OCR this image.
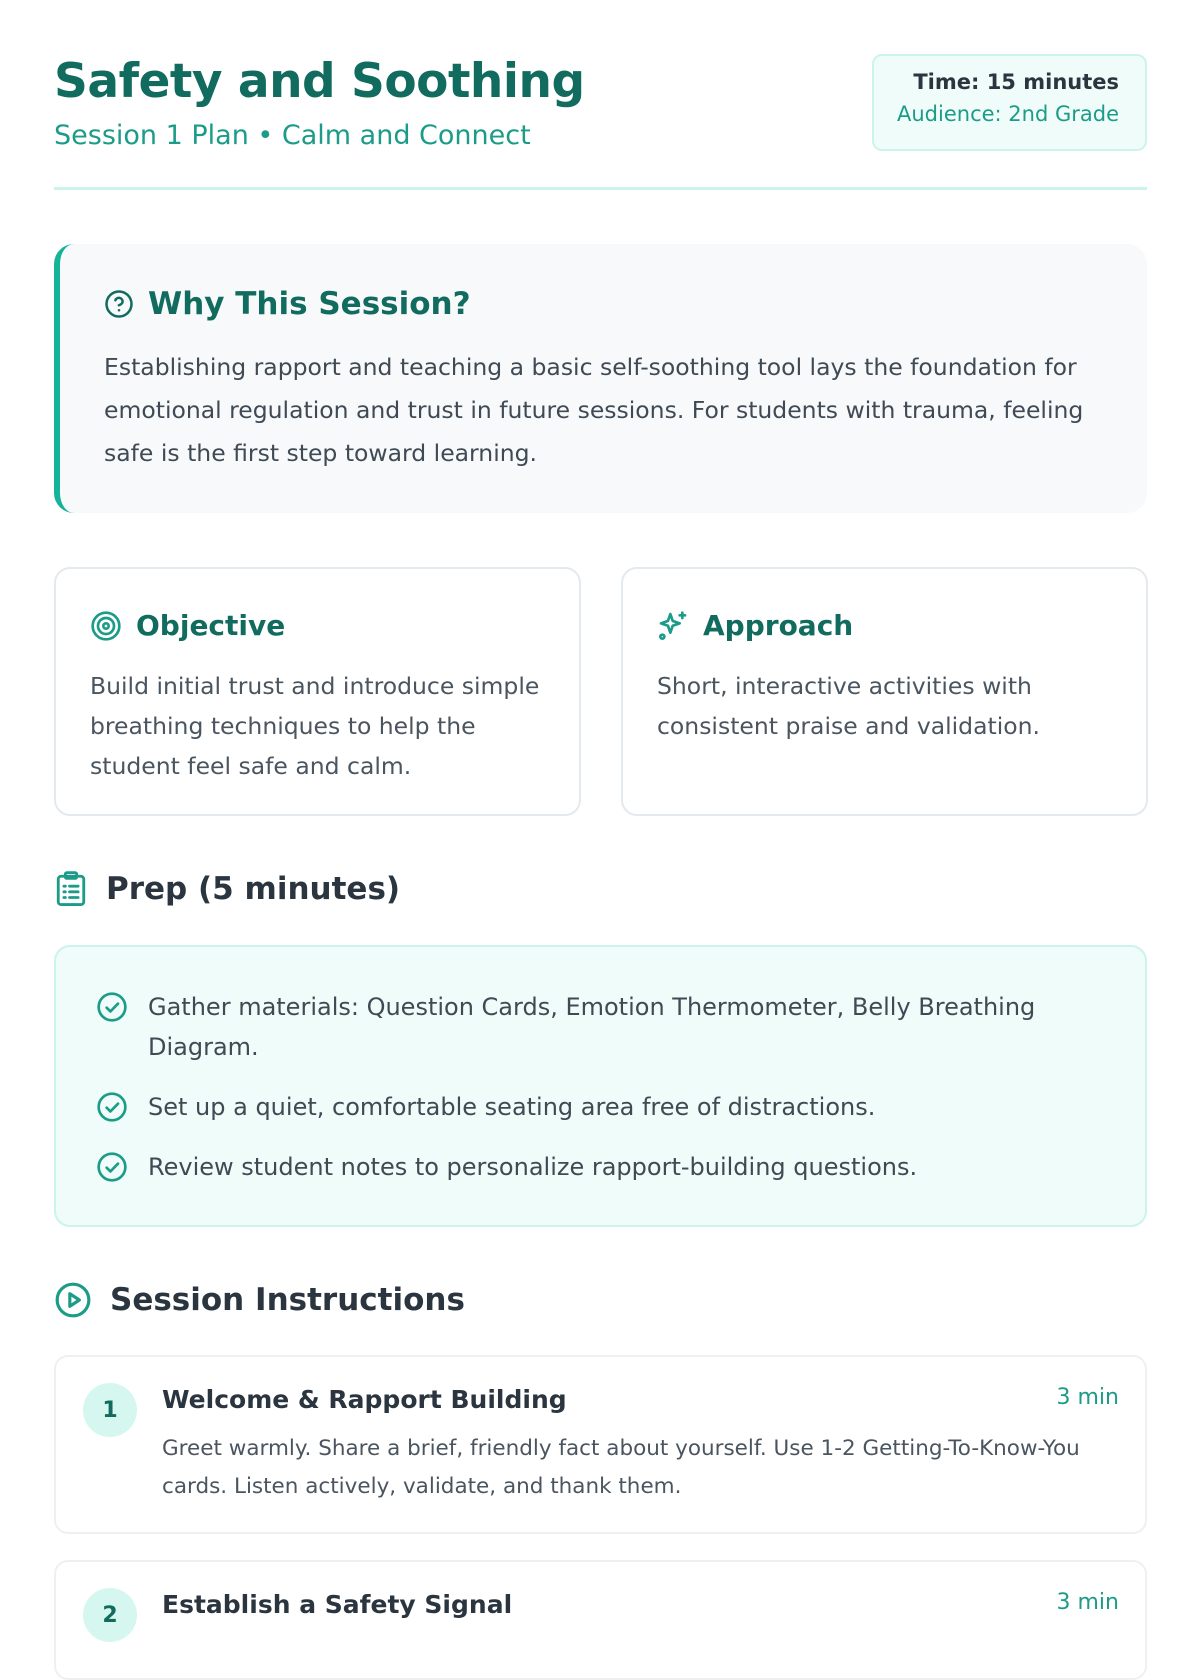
Safety and Soothing
Session 1 Plan • Calm and Connect
Time: 15 minutes
Audience: 2nd Grade
Why This Session?
Establishing rapport and teaching a basic self-soothing tool lays the foundation for emotional regulation and trust in future sessions. For students with trauma, feeling safe is the first step toward learning.
Objective
Build initial trust and introduce simple breathing techniques to help the student feel safe and calm.
Approach
Short, interactive activities with consistent praise and validation.
Prep (5 minutes)
Gather materials: Question Cards, Emotion Thermometer, Belly Breathing Diagram.
Set up a quiet, comfortable seating area free of distractions.
Review student notes to personalize rapport-building questions.
Session Instructions
1	Welcome & Rapport Building	3 min
Greet warmly. Share a brief, friendly fact about yourself. Use 1-2 Getting-To-Know-You cards. Listen actively, validate, and thank them.
2	Establish a Safety Signal	3 min
